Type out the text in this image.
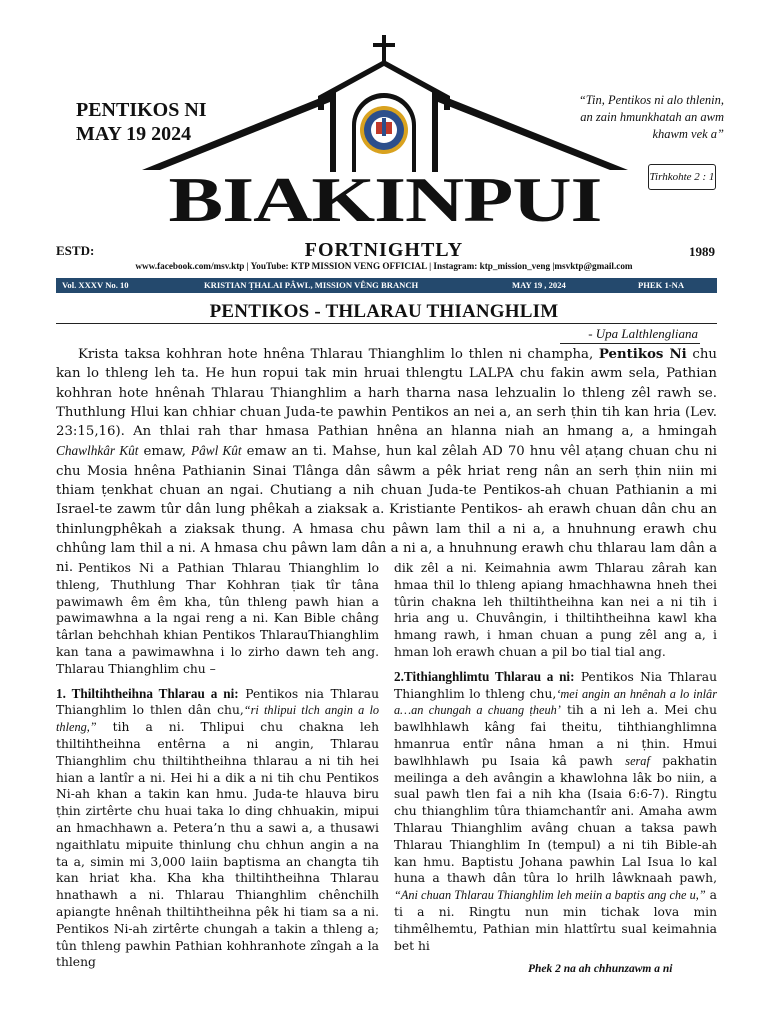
PENTIKOS NI
MAY 19 2024
“Tin, Pentikos ni alo thlenin, an zain hmunkhatah an awm khawm vek a”
Tirhkohte 2 : 1
BIAKINPUI
ESTD:	FORTNIGHTLY	1989
www.facebook.com/msv.ktp | YouTube: KTP MISSION VENG OFFICIAL | Instagram: ktp_mission_veng |msvktp@gmail.com
Vol. XXXV No. 10	KRISTIAN ṬHALAI PÂWL, MISSION VÊNG BRANCH	MAY 19 , 2024	PHEK 1-NA
PENTIKOS - THLARAU THIANGHLIM
- Upa Lalthlengliana

Krista taksa kohhran hote hnêna Thlarau Thianghlim lo thlen ni champha, Pentikos Ni chu kan lo thleng leh ta. He hun ropui tak min hruai thlengtu LALPA chu fakin awm sela, Pathian kohhran hote hnênah Thlarau Thianghlim a harh tharna nasa lehzualin lo thleng zêl rawh se. Thuthlung Hlui kan chhiar chuan Juda-te pawhin Pentikos an nei a, an serh ṭhin tih kan hria (Lev. 23:15,16). An thlai rah thar hmasa Pathian hnêna an hlanna niah an hmang a, a hmingah Chawlhkâr Kût emaw, Pâwl Kût emaw an ti. Mahse, hun kal zêlah AD 70 hnu vêl aṭang chuan chu ni chu Mosia hnêna Pathianin Sinai Tlânga dân sâwm a pêk hriat reng nân an serh ṭhin niin mi thiam ṭenkhat chuan an ngai. Chutiang a nih chuan Juda-te Pentikos-ah chuan Pathianin a mi Israel-te zawm tûr dân lung phêkah a ziaksak a. Kristiante Pentikos- ah erawh chuan dân chu an thinlungphêkah a ziaksak thung. A hmasa chu pâwn lam thil a ni a, a hnuhnung erawh chu chhûng lam thil a ni. A hmasa chu pâwn lam dân a ni a, a hnuhnung erawh chu thlarau lam dân a ni. Pentikos Ni a Pathian Thlarau Thianghlim lo thleng, Thuthlung Thar Kohhran ṭiak tîr tâna pawimawh êm êm kha, tûn thleng pawh hian a pawimawhna a la ngai reng a ni. Kan Bible châng târlan behchhah khian Pentikos ThlarauThianghlim kan tana a pawimawhna i lo zirho dawn teh ang. Thlarau Thianghlim chu –

1. Thiltihtheihna Thlarau a ni: Pentikos nia Thlarau Thianghlim lo thlen dân chu,“ri thlipui tlch angin a lo thleng,” tih a ni. Thlipui chu chakna leh thiltihtheihna entêrna a ni angin, Thlarau Thianghlim chu thiltihtheihna thlarau a ni tih hei hian a lantîr a ni. Hei hi a dik a ni tih chu Pentikos Ni-ah khan a takin kan hmu. Juda-te hlauva biru ṭhin zirtêrte chu huai taka lo ding chhuakin, mipui an hmachhawn a. Petera’n thu a sawi a, a thusawi ngaithlatu mipuite thinlung chu chhun angin a na ta a, simin mi 3,000 laiin baptisma an changta tih kan hriat kha. Kha kha thiltihtheihna Thlarau hnathawh a ni. Thlarau Thianghlim chênchilh apiangte hnênah thiltihtheihna pêk hi tiam sa a ni. Pentikos Ni-ah zirtêrte chungah a takin a thleng a; tûn thleng pawhin Pathian kohhranhote zîngah a la thleng

dik zêl a ni. Keimahnia awm Thlarau zârah kan hmaa thil lo thleng apiang hmachhawna hneh thei tûrin chakna leh thiltihtheihna kan nei a ni tih i hria ang u. Chuvângin, i thiltihtheihna kawl kha hmang rawh, i hman chuan a pung zêl ang a, i hman loh erawh chuan a pil bo tial tial ang.

2.Tithianghlimtu Thlarau a ni: Pentikos Nia Thlarau Thianghlim lo thleng chu,‘mei angin an hnênah a lo inlâr a…an chungah a chuang ṭheuh’ tih a ni leh a. Mei chu bawlhhlawh kâng fai theitu, tihthianghlimna hmanrua entîr nâna hman a ni ṭhin. Hmui bawlhhlawh pu Isaia kâ pawh seraf pakhatin meilinga a deh avângin a khawlohna lâk bo niin, a sual pawh tlen fai a nih kha (Isaia 6:6-7). Ringtu chu thianghlim tûra thiamchantîr ani. Amaha awm Thlarau Thianghlim avâng chuan a taksa pawh Thlarau Thianghlim In (tempul) a ni tih Bible-ah kan hmu. Baptistu Johana pawhin Lal Isua lo kal huna a thawh dân tûra lo hrilh lâwknaah pawh, “Ani chuan Thlarau Thianghlim leh meiin a baptis ang che u,” a ti a ni. Ringtu nun min tichak lova min tihmêlhemtu, Pathian min hlattîrtu sual keimahnia bet hi

Phek 2 na ah chhunzawm a ni
